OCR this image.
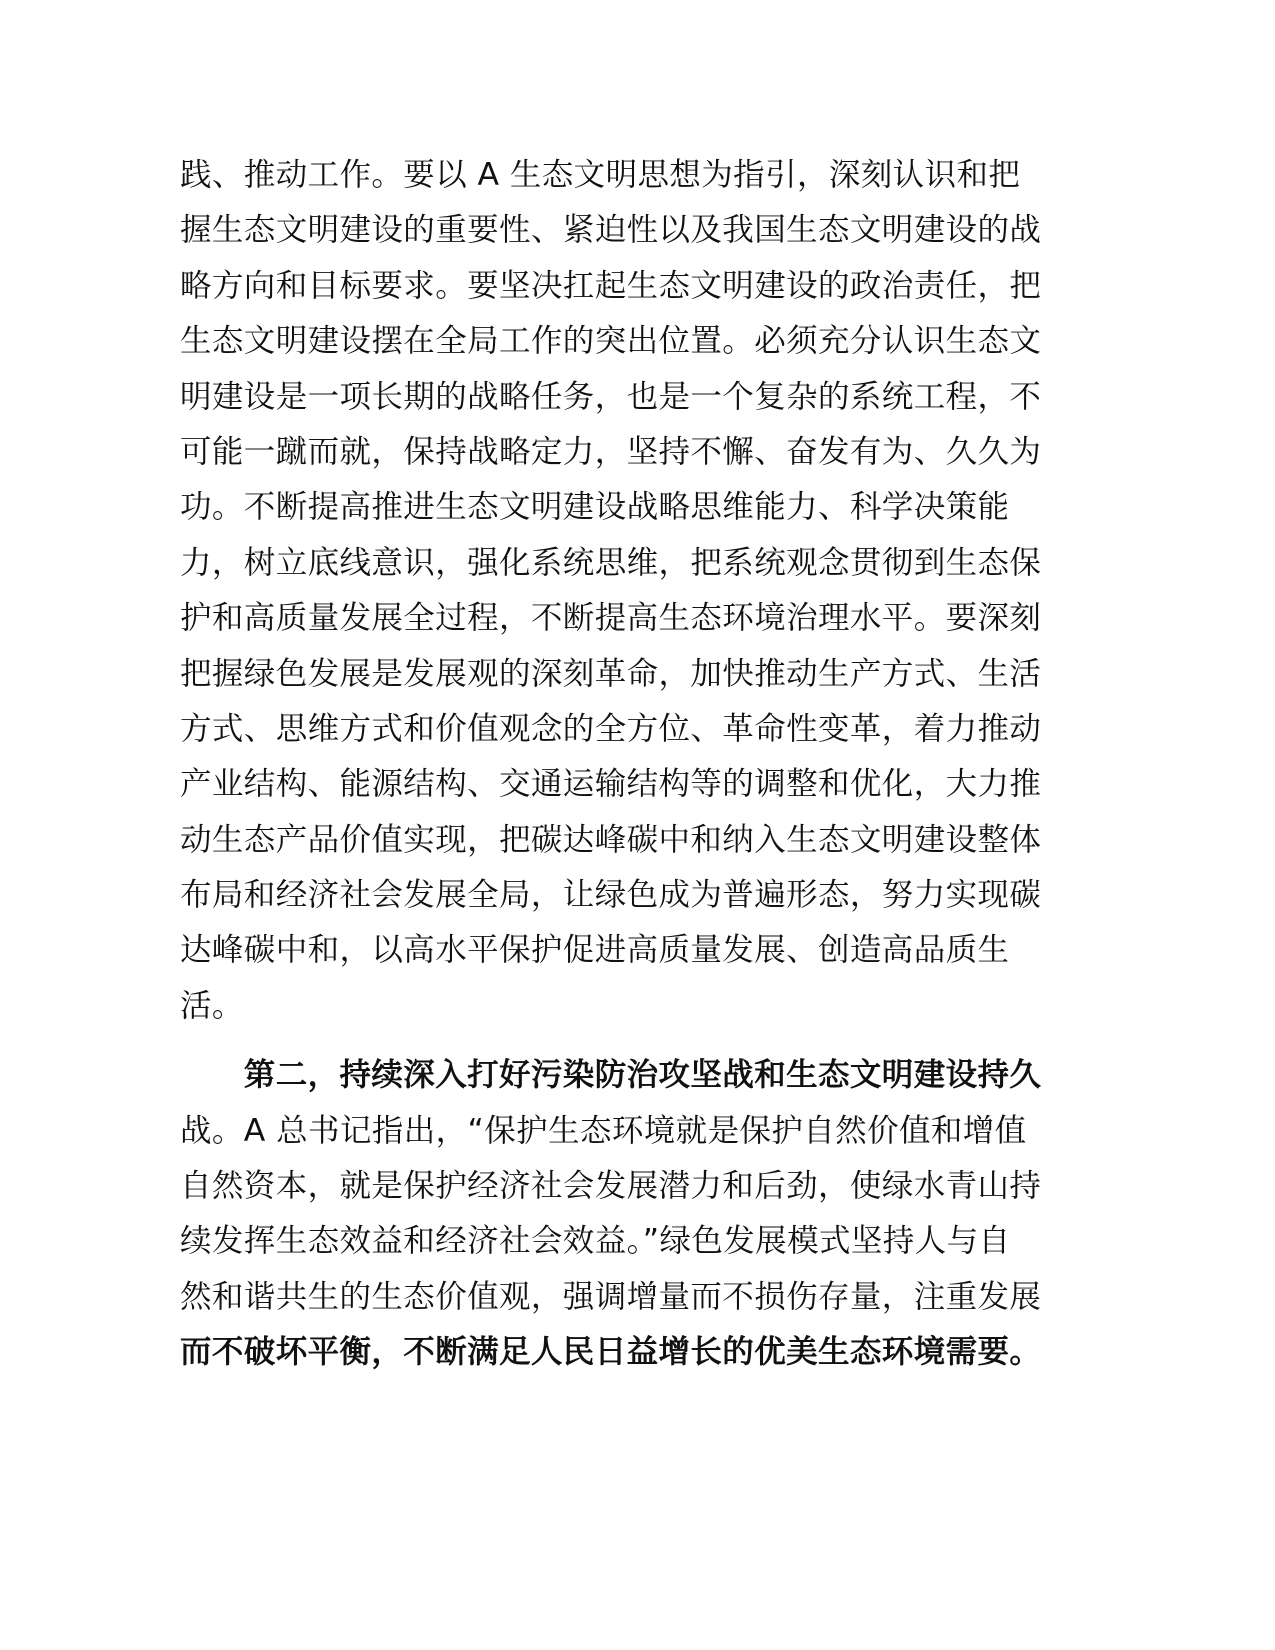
践、推动工作。要以 A 生态文明思想为指引，深刻认识和把
握生态文明建设的重要性、紧迫性以及我国生态文明建设的战
略方向和目标要求。要坚决扛起生态文明建设的政治责任，把
生态文明建设摆在全局工作的突出位置。必须充分认识生态文
明建设是一项长期的战略任务，也是一个复杂的系统工程，不
可能一蹴而就，保持战略定力，坚持不懈、奋发有为、久久为
功。不断提高推进生态文明建设战略思维能力、科学决策能
力，树立底线意识，强化系统思维，把系统观念贯彻到生态保
护和高质量发展全过程，不断提高生态环境治理水平。要深刻
把握绿色发展是发展观的深刻革命，加快推动生产方式、生活
方式、思维方式和价值观念的全方位、革命性变革，着力推动
产业结构、能源结构、交通运输结构等的调整和优化，大力推
动生态产品价值实现，把碳达峰碳中和纳入生态文明建设整体
布局和经济社会发展全局，让绿色成为普遍形态，努力实现碳
达峰碳中和，以高水平保护促进高质量发展、创造高品质生
活。
　　第二，持续深入打好污染防治攻坚战和生态文明建设持久
战。A 总书记指出，“保护生态环境就是保护自然价值和增值
自然资本，就是保护经济社会发展潜力和后劲，使绿水青山持
续发挥生态效益和经济社会效益。”绿色发展模式坚持人与自
然和谐共生的生态价值观，强调增量而不损伤存量，注重发展
而不破坏平衡，不断满足人民日益增长的优美生态环境需要。
